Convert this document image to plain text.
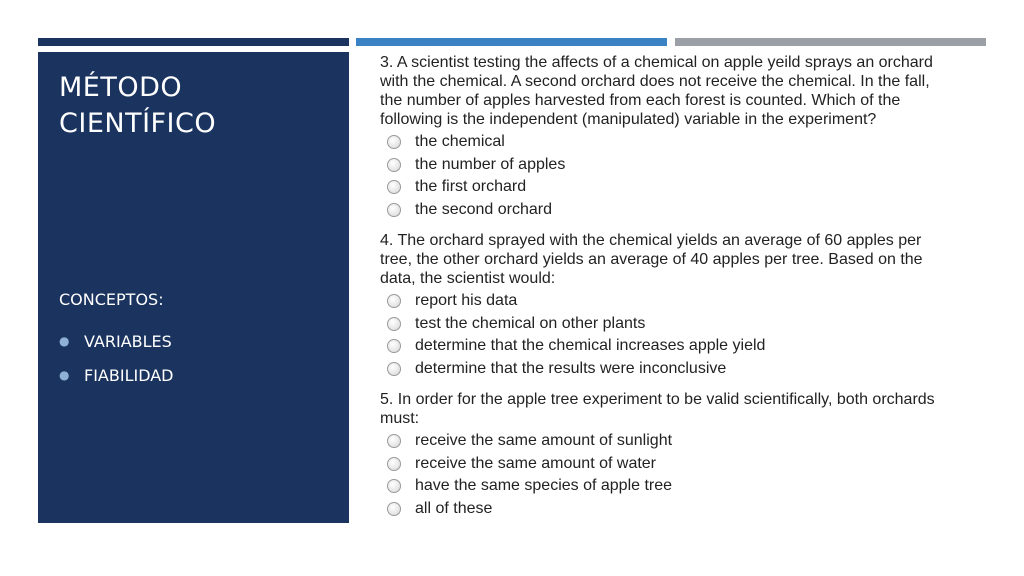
MÉTODO
CIENTÍFICO

CONCEPTOS:

● VARIABLES
● FIABILIDAD

3. A scientist testing the affects of a chemical on apple yeild sprays an orchard with the chemical. A second orchard does not receive the chemical. In the fall, the number of apples harvested from each forest is counted. Which of the following is the independent (manipulated) variable in the experiment?

the chemical
the number of apples
the first orchard
the second orchard

4. The orchard sprayed with the chemical yields an average of 60 apples per tree, the other orchard yields an average of 40 apples per tree. Based on the data, the scientist would:

report his data
test the chemical on other plants
determine that the chemical increases apple yield
determine that the results were inconclusive

5. In order for the apple tree experiment to be valid scientifically, both orchards must:

receive the same amount of sunlight
receive the same amount of water
have the same species of apple tree
all of these
